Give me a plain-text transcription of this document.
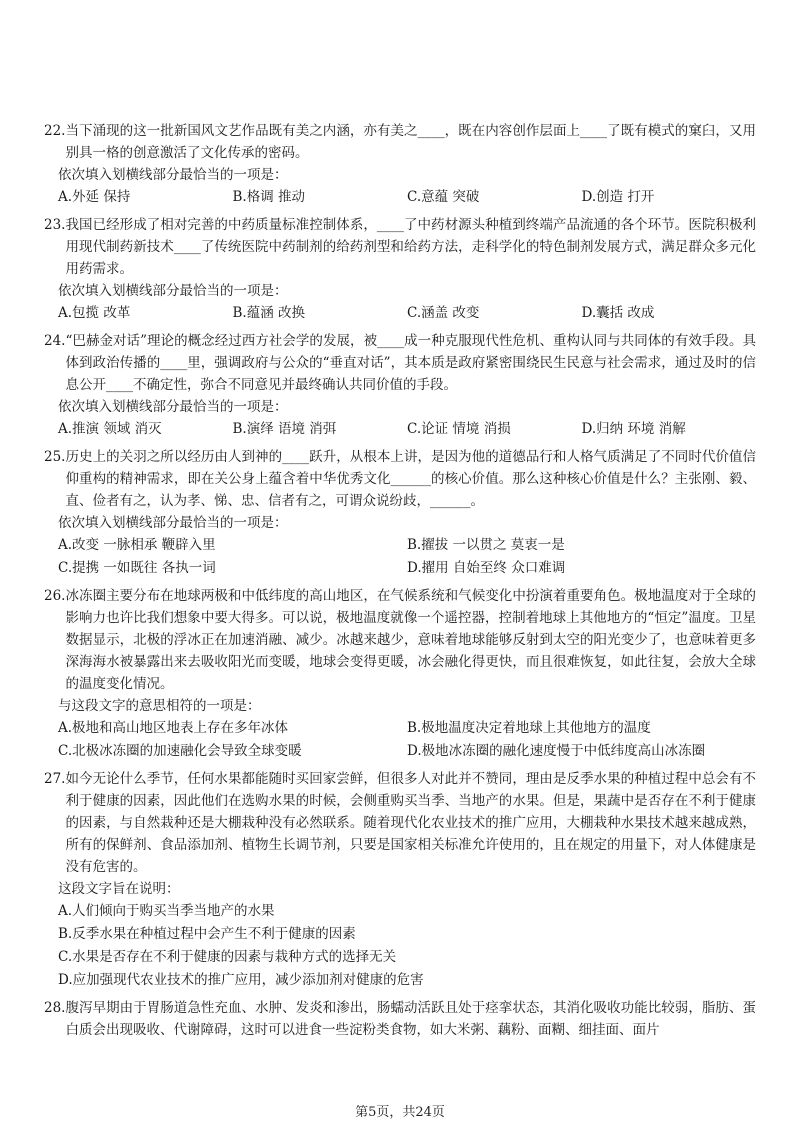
22. 当下涌现的这一批新国风文艺作品既有美之内涵，亦有美之____，既在内容创作层面上____了既有模式的窠臼，又用别具一格的创意激活了文化传承的密码。
依次填入划横线部分最恰当的一项是：
A.外延 保持	B.格调 推动	C.意蕴 突破	D.创造 打开
23. 我国已经形成了相对完善的中药质量标准控制体系，____了中药材源头种植到终端产品流通的各个环节。医院积极利用现代制药新技术____了传统医院中药制剂的给药剂型和给药方法，走科学化的特色制剂发展方式，满足群众多元化用药需求。
依次填入划横线部分最恰当的一项是：
A.包揽 改革	B.蕴涵 改换	C.涵盖 改变	D.囊括 改成
24. “巴赫金对话”理论的概念经过西方社会学的发展，被____成一种克服现代性危机、重构认同与共同体的有效手段。具体到政治传播的____里，强调政府与公众的“垂直对话”，其本质是政府紧密围绕民生民意与社会需求，通过及时的信息公开____不确定性，弥合不同意见并最终确认共同价值的手段。
依次填入划横线部分最恰当的一项是：
A.推演 领域 消灭	B.演绎 语境 消弭	C.论证 情境 消损	D.归纳 环境 消解
25. 历史上的关羽之所以经历由人到神的____跃升，从根本上讲，是因为他的道德品行和人格气质满足了不同时代价值信仰重构的精神需求，即在关公身上蕴含着中华优秀文化______的核心价值。那么这种核心价值是什么？主张刚、毅、直、俭者有之，认为孝、悌、忠、信者有之，可谓众说纷歧，______。
依次填入划横线部分最恰当的一项是：
A.改变 一脉相承 鞭辟入里	B.擢拔 一以贯之 莫衷一是
C.提携 一如既往 各执一词	D.擢用 自始至终 众口难调
26. 冰冻圈主要分布在地球两极和中低纬度的高山地区，在气候系统和气候变化中扮演着重要角色。极地温度对于全球的影响力也许比我们想象中要大得多。可以说，极地温度就像一个遥控器，控制着地球上其他地方的“恒定”温度。卫星数据显示，北极的浮冰正在加速消融、减少。冰越来越少，意味着地球能够反射到太空的阳光变少了，也意味着更多深海海水被暴露出来去吸收阳光而变暖，地球会变得更暖，冰会融化得更快，而且很难恢复，如此往复，会放大全球的温度变化情况。
与这段文字的意思相符的一项是：
A.极地和高山地区地表上存在多年冰体	B.极地温度决定着地球上其他地方的温度
C.北极冰冻圈的加速融化会导致全球变暖	D.极地冰冻圈的融化速度慢于中低纬度高山冰冻圈
27. 如今无论什么季节，任何水果都能随时买回家尝鲜，但很多人对此并不赞同，理由是反季水果的种植过程中总会有不利于健康的因素，因此他们在选购水果的时候，会侧重购买当季、当地产的水果。但是，果蔬中是否存在不利于健康的因素，与自然栽种还是大棚栽种没有必然联系。随着现代化农业技术的推广应用，大棚栽种水果技术越来越成熟，所有的保鲜剂、食品添加剂、植物生长调节剂，只要是国家相关标准允许使用的，且在规定的用量下，对人体健康是没有危害的。
这段文字旨在说明：
A.人们倾向于购买当季当地产的水果
B.反季水果在种植过程中会产生不利于健康的因素
C.水果是否存在不利于健康的因素与栽种方式的选择无关
D.应加强现代农业技术的推广应用，减少添加剂对健康的危害
28. 腹泻早期由于胃肠道急性充血、水肿、发炎和渗出，肠蠕动活跃且处于痉挛状态，其消化吸收功能比较弱，脂肪、蛋白质会出现吸收、代谢障碍，这时可以进食一些淀粉类食物，如大米粥、藕粉、面糊、细挂面、面片
第5页，共24页
